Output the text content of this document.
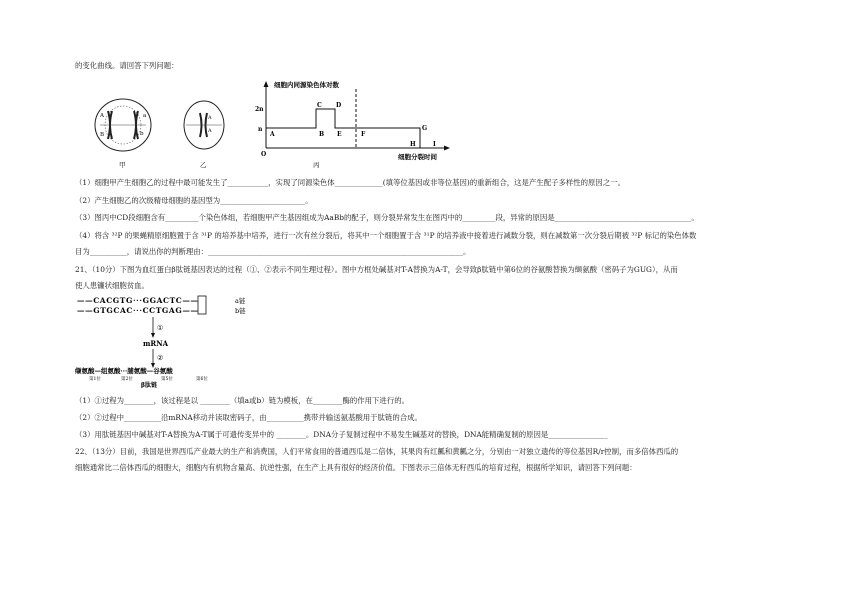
的变化曲线。请回答下列问题：
A
B	b
a
甲
A
A
乙
细胞内同源染色体对数
2n
n
O
A	B
C D
E	F
G
H	I
细胞分裂时间
丙
（1）细胞甲产生细胞乙的过程中最可能发生了___________，实现了同源染色体_____________(填等位基因或非等位基因)的重新组合，这是产生配子多样性的原因之一。
（2）产生细胞乙的次级精母细胞的基因型为_______________________。
（3）图丙中CD段细胞含有_________个染色体组，若细胞甲产生基因组成为AaBb的配子，则分裂异常发生在图丙中的_________段，异常的原因是_____________________________________。
（4）将含 ³²P 的果蝇精原细胞置于含 ³¹P 的培养基中培养，进行一次有丝分裂后，将其中一个细胞置于含 ³¹P 的培养液中接着进行减数分裂，则在减数第一次分裂后期被 ³²P 标记的染色体数
目为__________，请说出你的判断理由：_____________________________________________________________________。
21、（10分）下图为血红蛋白β肽链基因表达的过程（①、②表示不同生理过程）。图中方框处碱基对T-A替换为A-T，会导致β肽链中第6位的谷氨酸替换为缬氨酸（密码子为GUG），从而
使人患镰状细胞贫血。
——CACGTG···GGACTC——	a链
——GTGCAC···CCTGAG——	b链
①
mRNA
②
缬氨酸—组氨酸···脯氨酸—谷氨酸
第1位	第2位	第5位	第6位
β肽链
（1）①过程为________，该过程是以 ________（填a或b）链为模板，在________酶的作用下进行的。
（2）②过程中__________沿mRNA移动并读取密码子，由__________携带并输送氨基酸用于肽链的合成。
（3）用肽链基因中碱基对T-A替换为A-T属于可遗传变异中的 ________。DNA分子复制过程中不易发生碱基对的替换，DNA能精确复制的原因是________________
22、（13分）目前，我国是世界西瓜产业最大的生产和消费国，人们平常食用的普通西瓜是二倍体，其果肉有红瓤和黄瓤之分，分别由一对独立遗传的等位基因R/r控制，而多倍体西瓜的
细胞通常比二倍体西瓜的细胞大，细胞内有机物含量高、抗逆性强，在生产上具有很好的经济价值。下图表示三倍体无籽西瓜的培育过程，根据所学知识，请回答下列问题：
